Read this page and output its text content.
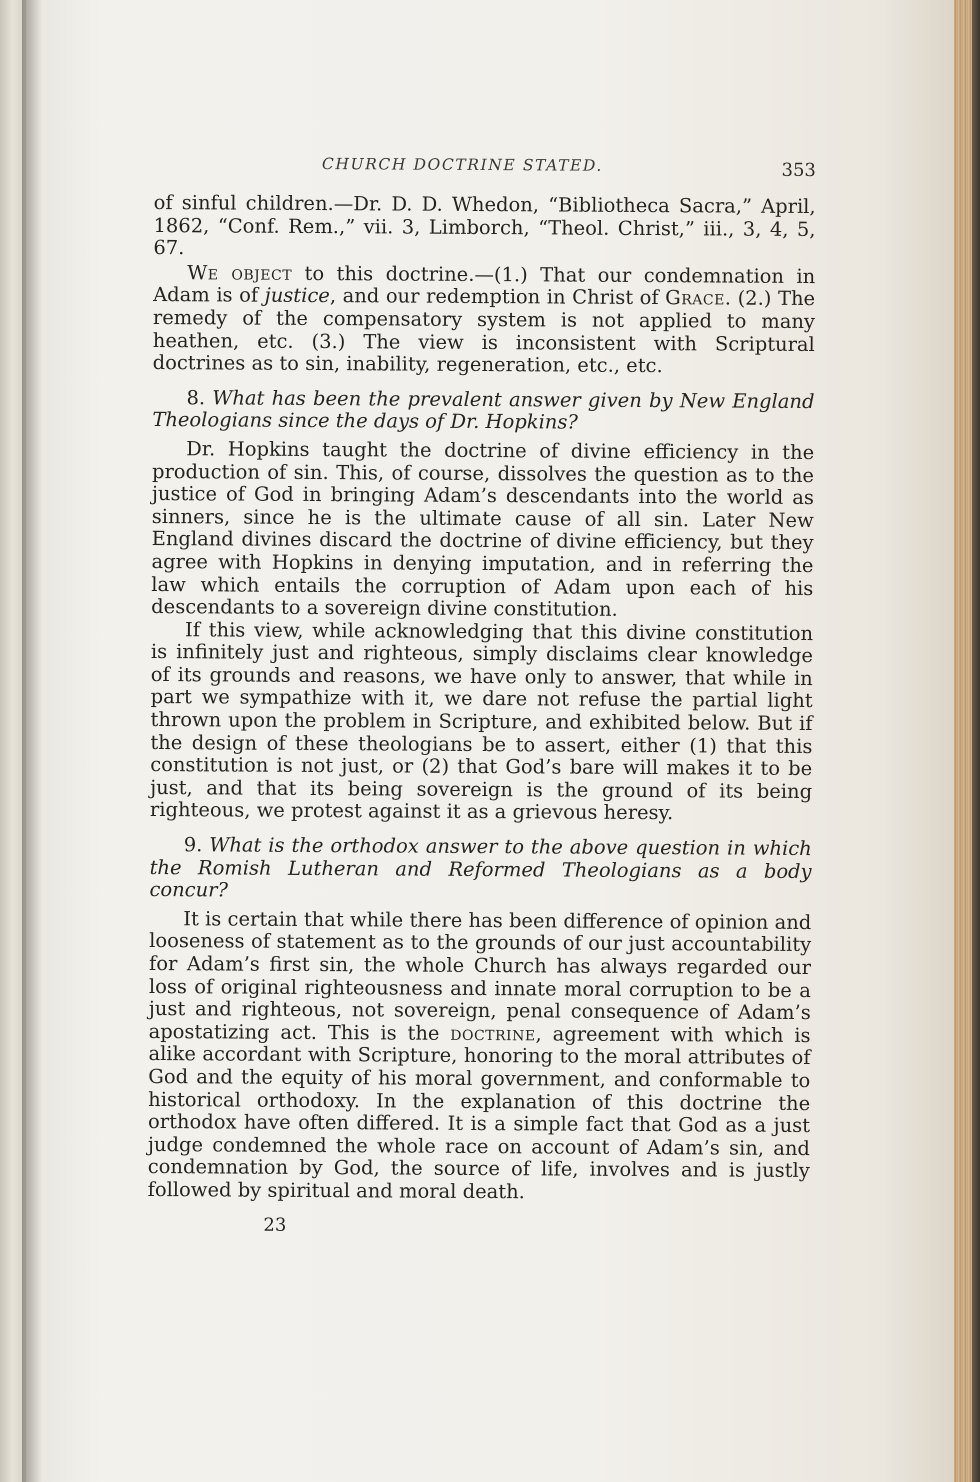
CHURCH DOCTRINE STATED.	353

of sinful children.—Dr. D. D. Whedon, “Bibliotheca Sacra,” April, 1862, “Conf. Rem.,” vii. 3, Limborch, “Theol. Christ,” iii., 3, 4, 5, 67.

We object to this doctrine.—(1.) That our condemnation in Adam is of justice, and our redemption in Christ of Grace. (2.) The remedy of the compensatory system is not applied to many heathen, etc. (3.) The view is inconsistent with Scriptural doctrines as to sin, inability, regeneration, etc., etc.

8. What has been the prevalent answer given by New England Theologians since the days of Dr. Hopkins?

Dr. Hopkins taught the doctrine of divine efficiency in the production of sin. This, of course, dissolves the question as to the justice of God in bringing Adam’s descendants into the world as sinners, since he is the ultimate cause of all sin. Later New England divines discard the doctrine of divine efficiency, but they agree with Hopkins in denying imputation, and in referring the law which entails the corruption of Adam upon each of his descendants to a sovereign divine constitution.

If this view, while acknowledging that this divine constitution is infinitely just and righteous, simply disclaims clear knowledge of its grounds and reasons, we have only to answer, that while in part we sympathize with it, we dare not refuse the partial light thrown upon the problem in Scripture, and exhibited below. But if the design of these theologians be to assert, either (1) that this constitution is not just, or (2) that God’s bare will makes it to be just, and that its being sovereign is the ground of its being righteous, we protest against it as a grievous heresy.

9. What is the orthodox answer to the above question in which the Romish Lutheran and Reformed Theologians as a body concur?

It is certain that while there has been difference of opinion and looseness of statement as to the grounds of our just accountability for Adam’s first sin, the whole Church has always regarded our loss of original righteousness and innate moral corruption to be a just and righteous, not sovereign, penal consequence of Adam’s apostatizing act. This is the doctrine, agreement with which is alike accordant with Scripture, honoring to the moral attributes of God and the equity of his moral government, and conformable to historical orthodoxy. In the explanation of this doctrine the orthodox have often differed. It is a simple fact that God as a just judge condemned the whole race on account of Adam’s sin, and condemnation by God, the source of life, involves and is justly followed by spiritual and moral death.

23
